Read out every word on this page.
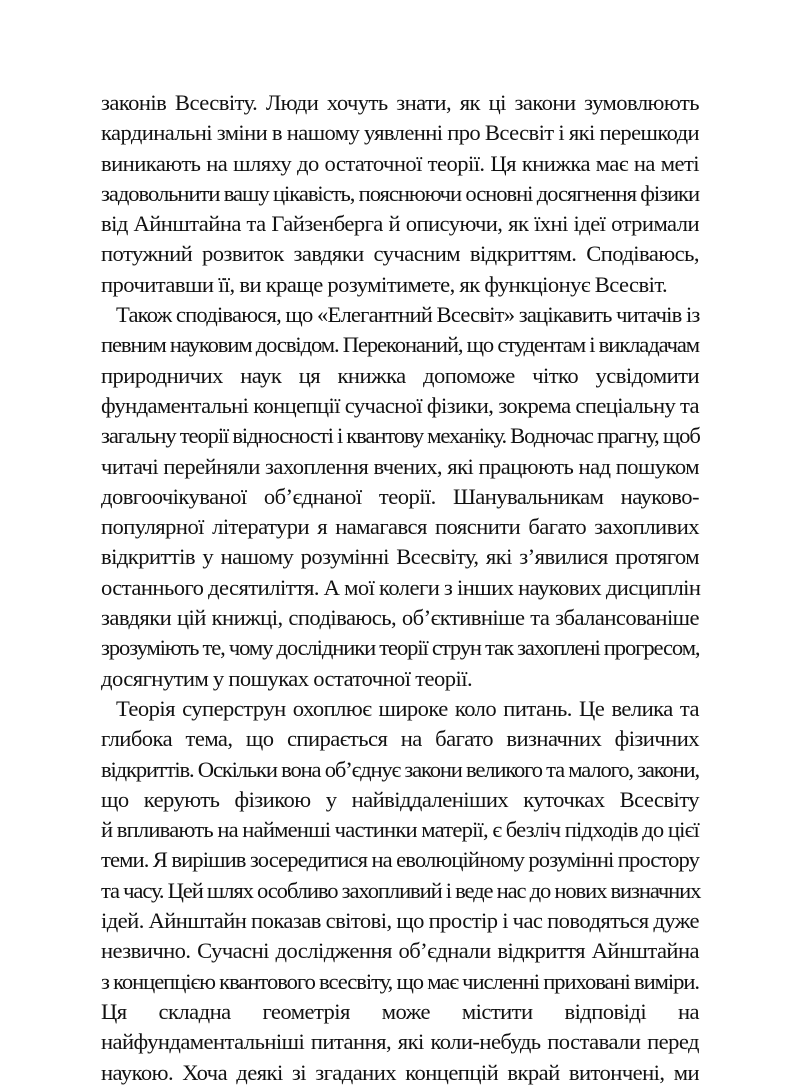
законів Всесвіту. Люди хочуть знати, як ці закони зумовлюють
кардинальні зміни в нашому уявленні про Всесвіт і які перешкоди
виникають на шляху до остаточної теорії. Ця книжка має на меті
задовольнити вашу цікавість, пояснюючи основні досягнення фізики
від Айнштайна та Гайзенберга й описуючи, як їхні ідеї отримали
потужний розвиток завдяки сучасним відкриттям. Сподіваюсь,
прочитавши її, ви краще розумітимете, як функціонує Всесвіт.
Також сподіваюся, що «Елегантний Всесвіт» зацікавить читачів із
певним науковим досвідом. Переконаний, що студентам і викладачам
природничих наук ця книжка допоможе чітко усвідомити
фундаментальні концепції сучасної фізики, зокрема спеціальну та
загальну теорії відносності і квантову механіку. Водночас прагну, щоб
читачі перейняли захоплення вчених, які працюють над пошуком
довгоочікуваної об’єднаної теорії. Шанувальникам науково-
популярної літератури я намагався пояснити багато захопливих
відкриттів у нашому розумінні Всесвіту, які з’явилися протягом
останнього десятиліття. А мої колеги з інших наукових дисциплін
завдяки цій книжці, сподіваюсь, об’єктивніше та збалансованіше
зрозуміють те, чому дослідники теорії струн так захоплені прогресом,
досягнутим у пошуках остаточної теорії.
Теорія суперструн охоплює широке коло питань. Це велика та
глибока тема, що спирається на багато визначних фізичних
відкриттів. Оскільки вона об’єднує закони великого та малого, закони,
що керують фізикою у найвіддаленіших куточках Всесвіту
й впливають на найменші частинки матерії, є безліч підходів до цієї
теми. Я вирішив зосередитися на еволюційному розумінні простору
та часу. Цей шлях особливо захопливий і веде нас до нових визначних
ідей. Айнштайн показав світові, що простір і час поводяться дуже
незвично. Сучасні дослідження об’єднали відкриття Айнштайна
з концепцією квантового всесвіту, що має численні приховані виміри.
Ця складна геометрія може містити відповіді на
найфундаментальніші питання, які коли-небудь поставали перед
наукою. Хоча деякі зі згаданих концепцій вкрай витончені, ми
